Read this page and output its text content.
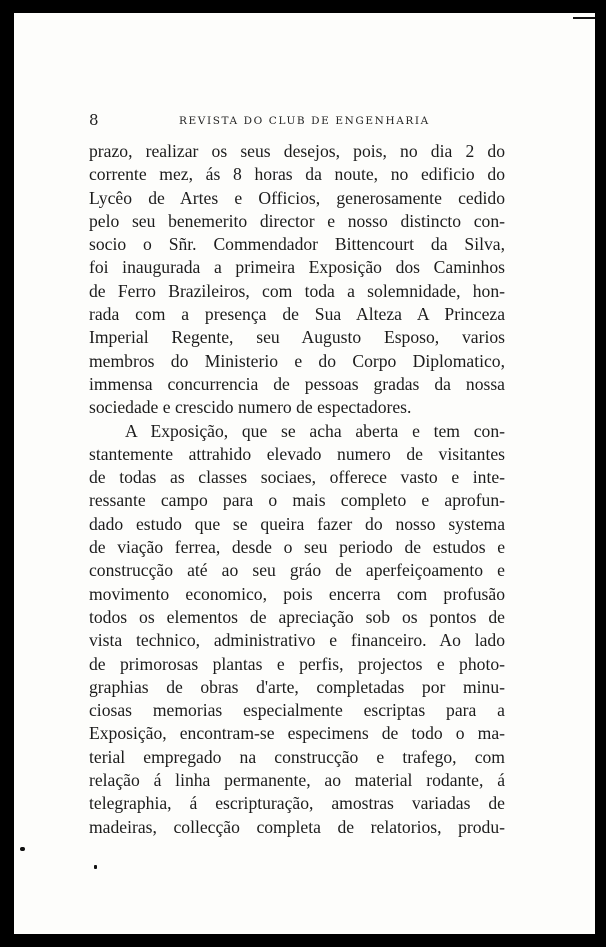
8	REVISTA DO CLUB DE ENGENHARIA
prazo, realizar os seus desejos, pois, no dia 2 do
corrente mez, ás 8 horas da noute, no edificio do
Lycêo de Artes e Officios, generosamente cedido
pelo seu benemerito director e nosso distincto con-
socio o Sñr. Commendador Bittencourt da Silva,
foi inaugurada a primeira Exposição dos Caminhos
de Ferro Brazileiros, com toda a solemnidade, hon-
rada com a presença de Sua Alteza A Princeza
Imperial Regente, seu Augusto Esposo, varios
membros do Ministerio e do Corpo Diplomatico,
immensa concurrencia de pessoas gradas da nossa
sociedade e crescido numero de espectadores.
A Exposição, que se acha aberta e tem con-
stantemente attrahido elevado numero de visitantes
de todas as classes sociaes, offerece vasto e inte-
ressante campo para o mais completo e aprofun-
dado estudo que se queira fazer do nosso systema
de viação ferrea, desde o seu periodo de estudos e
construcção até ao seu gráo de aperfeiçoamento e
movimento economico, pois encerra com profusão
todos os elementos de apreciação sob os pontos de
vista technico, administrativo e financeiro. Ao lado
de primorosas plantas e perfis, projectos e photo-
graphias de obras d'arte, completadas por minu-
ciosas memorias especialmente escriptas para a
Exposição, encontram-se especimens de todo o ma-
terial empregado na construcção e trafego, com
relação á linha permanente, ao material rodante, á
telegraphia, á escripturação, amostras variadas de
madeiras, collecção completa de relatorios, produ-
